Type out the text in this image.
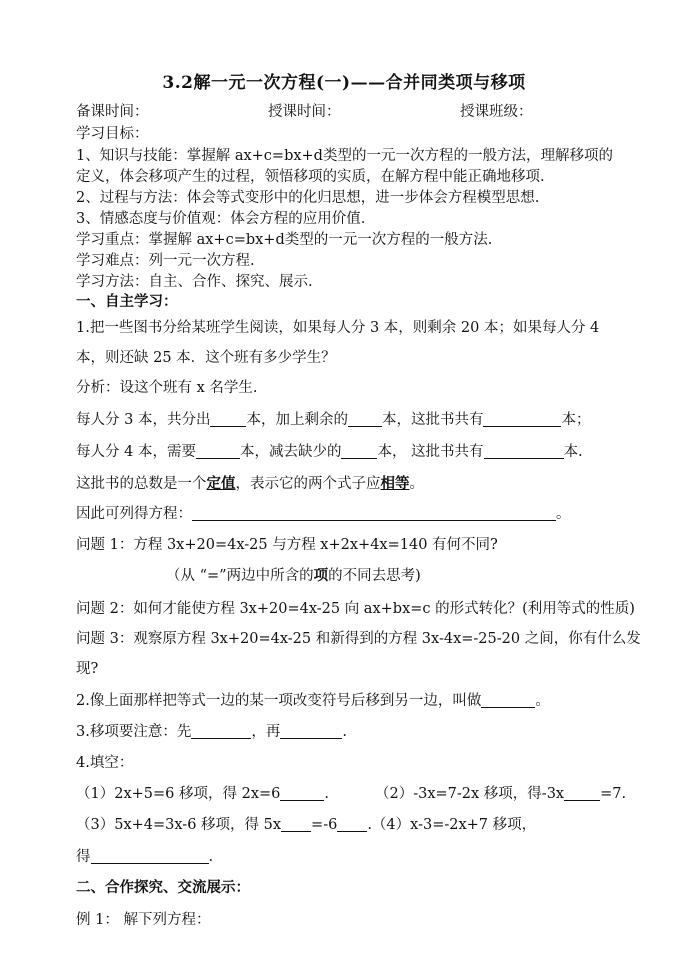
3.2解一元一次方程(一)——合并同类项与移项
备课时间：	授课时间：	授课班级：
学习目标：
1、知识与技能：掌握解 ax+c=bx+d类型的一元一次方程的一般方法，理解移项的
定义，体会移项产生的过程，领悟移项的实质，在解方程中能正确地移项.
2、过程与方法：体会等式变形中的化归思想，进一步体会方程模型思想.
3、情感态度与价值观：体会方程的应用价值.
学习重点：掌握解 ax+c=bx+d类型的一元一次方程的一般方法.
学习难点：列一元一次方程.
学习方法：自主、合作、探究、展示.
一、自主学习：
1.把一些图书分给某班学生阅读，如果每人分 3 本，则剩余 20 本；如果每人分 4
本，则还缺 25 本．这个班有多少学生？
分析：设这个班有 x 名学生.
每人分 3 本，共分出 本，加上剩余的 本，这批书共有	本；
每人分 4 本，需要	本，减去缺少的 本， 这批书共有	本.
这批书的总数是一个定值，表示它的两个式子应相等。
因此可列得方程：	。
问题 1：方程 3x+20=4x-25 与方程 x+2x+4x=140 有何不同?
（从 “=”两边中所含的项的不同去思考)
问题 2：如何才能使方程 3x+20=4x-25 向 ax+bx=c 的形式转化？(利用等式的性质)
问题 3：观察原方程 3x+20=4x-25 和新得到的方程 3x-4x=-25-20 之间，你有什么发
现?
2.像上面那样把等式一边的某一项改变符号后移到另一边，叫做	。
3.移项要注意：先	，再	.
4.填空：
（1）2x+5=6 移项，得 2x=6	.	（2）-3x=7-2x 移项，得-3x =7.
（3）5x+4=3x-6 移项，得 5x =-6 .（4）x-3=-2x+7 移项，
得	.
二、合作探究、交流展示：
例 1： 解下列方程：
